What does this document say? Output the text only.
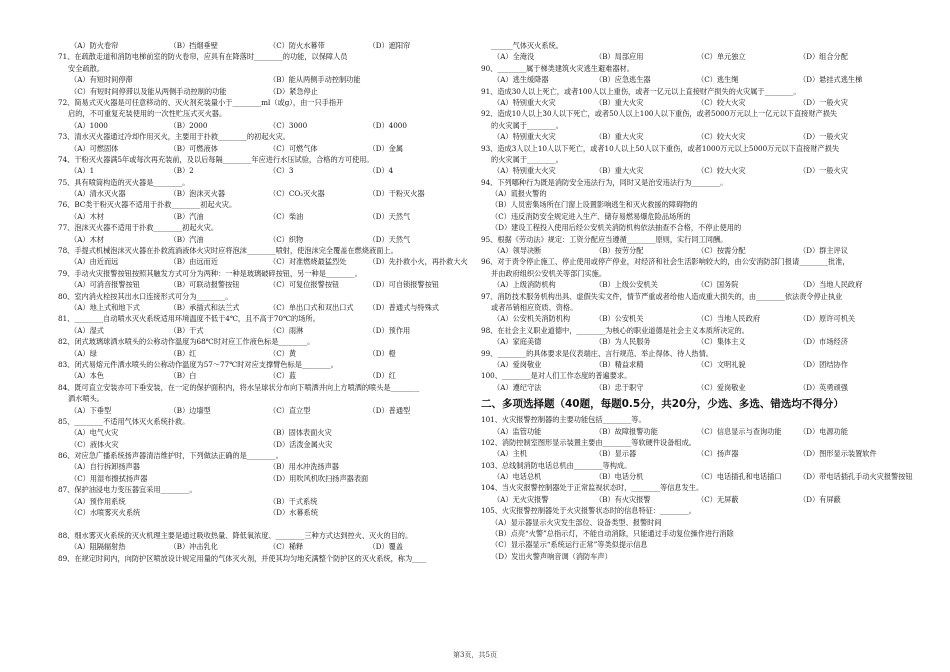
（A）防火卷帘	（B）挡烟垂壁	（C）防火水幕带	（D）遮阳帘
71、在疏散走道和消防电梯前室的防火卷帘，应具有在降落时________的功能，以保障人员
安全疏散。
（A）有短时间停滞	（B）能从两侧手动控制功能
（C）有短时间停滞以及能从两侧手动控制的功能	（D）紧急停止
72、简易式灭火器是可任意移动的、灭火剂充装量小于________ml（或g），由一只手指开
启的，不可重复充装使用的一次性贮压式灭火器。
（A）1000	（B）2000	（C）3000	（D）4000
73、清水灭火器通过冷却作用灭火，主要用于扑救________的初起火灾。
（A）可燃固体	（B）可燃液体	（C）可燃气体	（D）金属
74、干粉灭火器满5年或每次再充装前，及以后每隔________年应进行水压试验，合格的方可使用。
（A）1	（B）2	（C）3	（D）4
75、具有喷筒构造的灭火器是________。
（A）清水灭火器	（B）泡沫灭火器	（C）CO₂灭火器	（D）干粉灭火器
76、BC类干粉灭火器不适用于扑救________初起火灾。
（A）木材	（B）汽油	（C）柴油	（D）天然气
77、泡沫灭火器不适用于扑救________初起火灾。
（A）木材	（B）汽油	（C）织物	（D）天然气
78、手提式机械泡沫灭火器在扑救流淌液体火灾时应将泡沫________喷射，使泡沫完全覆盖在燃烧液面上。
（A）由近而远	（B）由远而近	（C）对准燃烧最猛烈处	（D）先扑救小火，再扑救大火
79、手动火灾报警按钮按照其触发方式可分为两种：一种是玻璃破碎按钮，另一种是________。
（A）可消音报警按钮	（B）可联动报警按钮	（C）可复位报警按钮	（D）可自锁报警按钮
80、室内消火栓按其出水口连接形式可分为________。
（A）地上式和地下式	（B）承插式和法兰式	（C）单出口式和双出口式	（D）普通式与特殊式
81、________自动喷水灭火系统适用环境温度不低于4℃，且不高于70℃的场所。
（A）湿式	（B）干式	（C）雨淋	（D）预作用
82、闭式玻璃球洒水喷头的公称动作温度为68℃时对应工作液色标是________。
（A）绿	（B）红	（C）黄	（D）橙
83、闭式易熔元件洒水喷头的公称动作温度为57～77℃时对应支撑臂色标是________。
（A）本色	（B）白	（C）蓝	（D）红
84、既可直立安装亦可下垂安装，在一定的保护面积内，将水呈球状分布向下喷洒并向上方喷洒的喷头是________
洒水喷头。
（A）下垂型	（B）边墙型	（C）直立型	（D）普通型
85、________不适用气体灭火系统扑救。
（A）电气火灾	（B）固体表面火灾
（C）液体火灾	（D）活泼金属火灾
86、对应急广播系统扬声器清洁维护时，下列做法正确的是________。
（A）自行拆卸扬声器	（B）用水冲洗扬声器
（C）用湿布擦拭扬声器	（D）用吹风机吹扫扬声器表面
87、保护油浸电力变压器宜采用________。
（A）预作用系统	（B）干式系统
（C）水喷雾灭火系统	（D）水幕系统
88、细水雾灭火系统的灭火机理主要是通过吸收热量、降低氧浓度、________三种方式达到控火、灭火的目的。
（A）阻隔辐射热	（B）冲击乳化	（C）稀释	（D）覆盖
89、在规定时间内，向防护区喷放设计规定用量的气体灭火剂，并使其均匀地充满整个防护区的灭火系统，称为____
______气体灭火系统。
（A）全淹没	（B）局部应用	（C）单元独立	（D）组合分配
90、________属于梯类建筑火灾逃生避难器材。
（A）逃生缓降器	（B）应急逃生器	（C）逃生绳	（D）悬挂式逃生梯
91、造成30人以上死亡，或者100人以上重伤，或者一亿元以上直接财产损失的火灾属于________。
（A）特别重大火灾	（B）重大火灾	（C）较大火灾	（D）一般火灾
92、造成10人以上30人以下死亡，或者50人以上100人以下重伤，或者5000万元以上一亿元以下直接财产损失
的火灾属于________。
（A）特别重大火灾	（B）重大火灾	（C）较大火灾	（D）一般火灾
93、造成3人以上10人以下死亡，或者10人以上50人以下重伤，或者1000万元以上5000万元以下直接财产损失
的火灾属于________。
（A）特别重大火灾	（B）重大火灾	（C）较大火灾	（D）一般火灾
94、下列哪种行为既是消防安全违法行为，同时又是治安违法行为________。
（A）谎报火警的
（B）人员密集场所在门窗上设置影响逃生和灭火救援的障碍物的
（C）违反消防安全规定进入生产、储存易燃易爆危险品场所的
（D）建设工程投入使用后经公安机关消防机构依法抽查不合格，不停止使用的
95、根据《劳动法》规定：工资分配应当遵循________原则，实行同工同酬。
（A）领导决断	（B）按劳分配	（C）按需分配	（D）群主评议
96、对于责令停止施工、停止使用或停产停业，对经济和社会生活影响较大的，由公安消防部门报请________批准，
并由政府组织公安机关等部门实施。
（A）上级消防机构	（B）上级公安机关	（C）国务院	（D）当地人民政府
97、消防技术服务机构出具、虚假失实文件，情节严重或者给他人造成重大损失的，由________依法责令停止执业
或者吊销相应资质、资格。
（A）公安机关消防机构	（B）公安机关	（C）当地人民政府	（D）原许可机关
98、在社会主义职业道德中，________为核心的职业道德是社会主义本质所决定的。
（A）家庭美德	（B）为人民服务	（C）集体主义	（D）市场经济
99、________的具体要求是仪表端庄、言行规范、举止得体、待人热情。
（A）爱岗敬业	（B）精益求精	（C）文明礼貌	（D）团结协作
100、________是对人们工作态度的普遍要求。
（A）遵纪守法	（B）忠于职守	（C）爱岗敬业	（D）英勇顽强
二、多项选择题（40题，每题0.5分，共20分，少选、多选、错选均不得分）
101、火灾报警控制器的主要功能包括________等。
（A）监管功能	（B）故障报警功能	（C）信息显示与查询功能	（D）电源功能
102、消防控制室图形显示装置主要由________等软硬件设备组成。
（A）主机	（B）显示器	（C）扬声器	（D）图形显示装置软件
103、总线制消防电话总机由________等构成。
（A）电话总机	（B）电话分机	（C）电话插孔和电话插口	（D）带电话插孔手动火灾报警按钮
104、当火灾报警控制器处于正常监视状态时，________等信息发生。
（A）无火灾报警	（B）有火灾报警	（C）无屏蔽	（D）有屏蔽
105、火灾报警控制器处于火灾报警状态时的信息特征：________。
（A）显示器显示火灾发生部位、设备类型、报警时间
（B）点亮“火警”总指示灯，不能自动消除，只能通过手动复位操作进行消除
（C）显示器显示“系统运行正常”等类似提示信息
（D）发出火警声响音调（消防车声）
第3页，共5页
